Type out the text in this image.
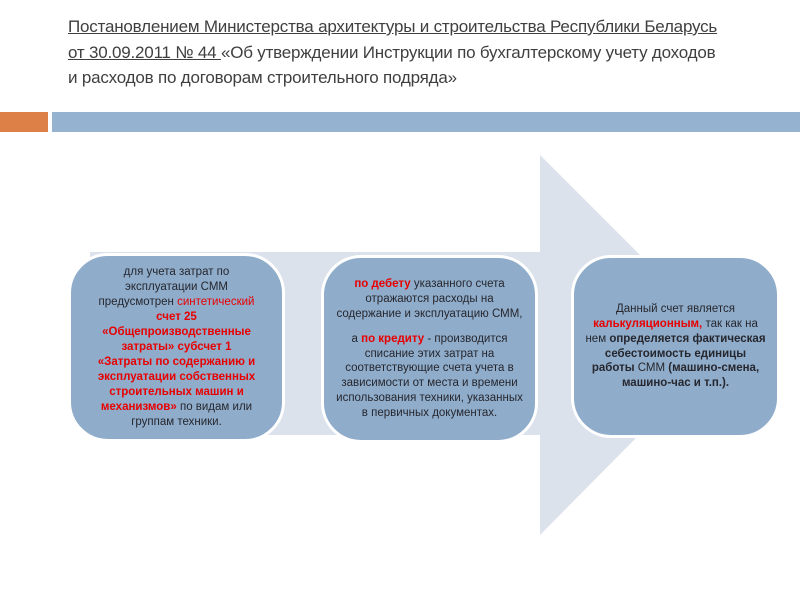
Постановлением Министерства архитектуры и строительства Республики Беларусь от 30.09.2011 № 44 «Об утверждении Инструкции по бухгалтерскому учету доходов и расходов по договорам строительного подряда»
для учета затрат по эксплуатации СММ предусмотрен синтетический счет 25 «Общепроизводственные затраты» субсчет 1 «Затраты по содержанию и эксплуатации собственных строительных машин и механизмов» по видам или группам техники.
по дебету указанного счета отражаются расходы на содержание и эксплуатацию СММ,
а по кредиту - производится списание этих затрат на соответствующие счета учета в зависимости от места и времени использования техники, указанных в первичных документах.
Данный счет является калькуляционным, так как на нем определяется фактическая себестоимость единицы работы СММ (машино-смена, машино-час и т.п.).
